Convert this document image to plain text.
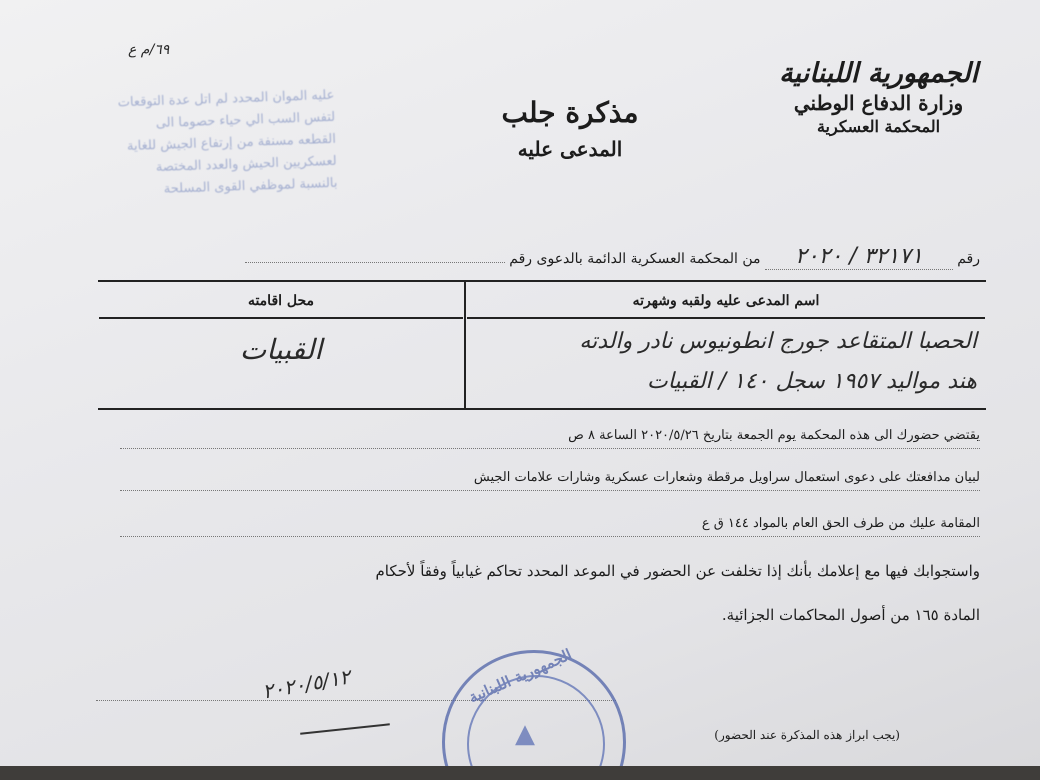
٦٩/م ع
الجمهورية اللبنانية
وزارة الدفاع الوطني
المحكمة العسكرية
مذكرة جلب
المدعى عليه
عليه الموان المحدد لم اتل عدة التوقعات
لتفس السب الي حياء حصوما الى
القطعه مسنفة من إرتفاع الجيش للغاية
لعسكريين الحيش والعدد المختصة
بالنسبة لموظفي القوى المسلحة
رقم ٣٢١٧١ / ٢٠٢٠ من المحكمة العسكرية الدائمة بالدعوى رقم
اسم المدعى عليه ولقبه وشهرته
الحصبا المتقاعد جورج انطونيوس نادر والدته
هند مواليد ١٩٥٧ سجل ١٤٠ / القبيات

محل اقامته
القبيات
يقتضي حضورك الى هذه المحكمة يوم الجمعة بتاريخ ٢٠٢٠/٥/٢٦ الساعة ٨ ص
لبيان مدافعتك على دعوى استعمال سراويل مرقطة وشعارات عسكرية وشارات علامات الجيش
المقامة عليك من طرف الحق العام بالمواد ١٤٤ ق ع
واستجوابك فيها مع إعلامك بأنك إذا تخلفت عن الحضور في الموعد المحدد تحاكم غيابياً وفقاً لأحكام
المادة ١٦٥ من أصول المحاكمات الجزائية.
٢٠٢٠/٥/١٢	الجمهورية اللبنانية
▲	(يجب ابراز هذه المذكرة عند الحضور)
